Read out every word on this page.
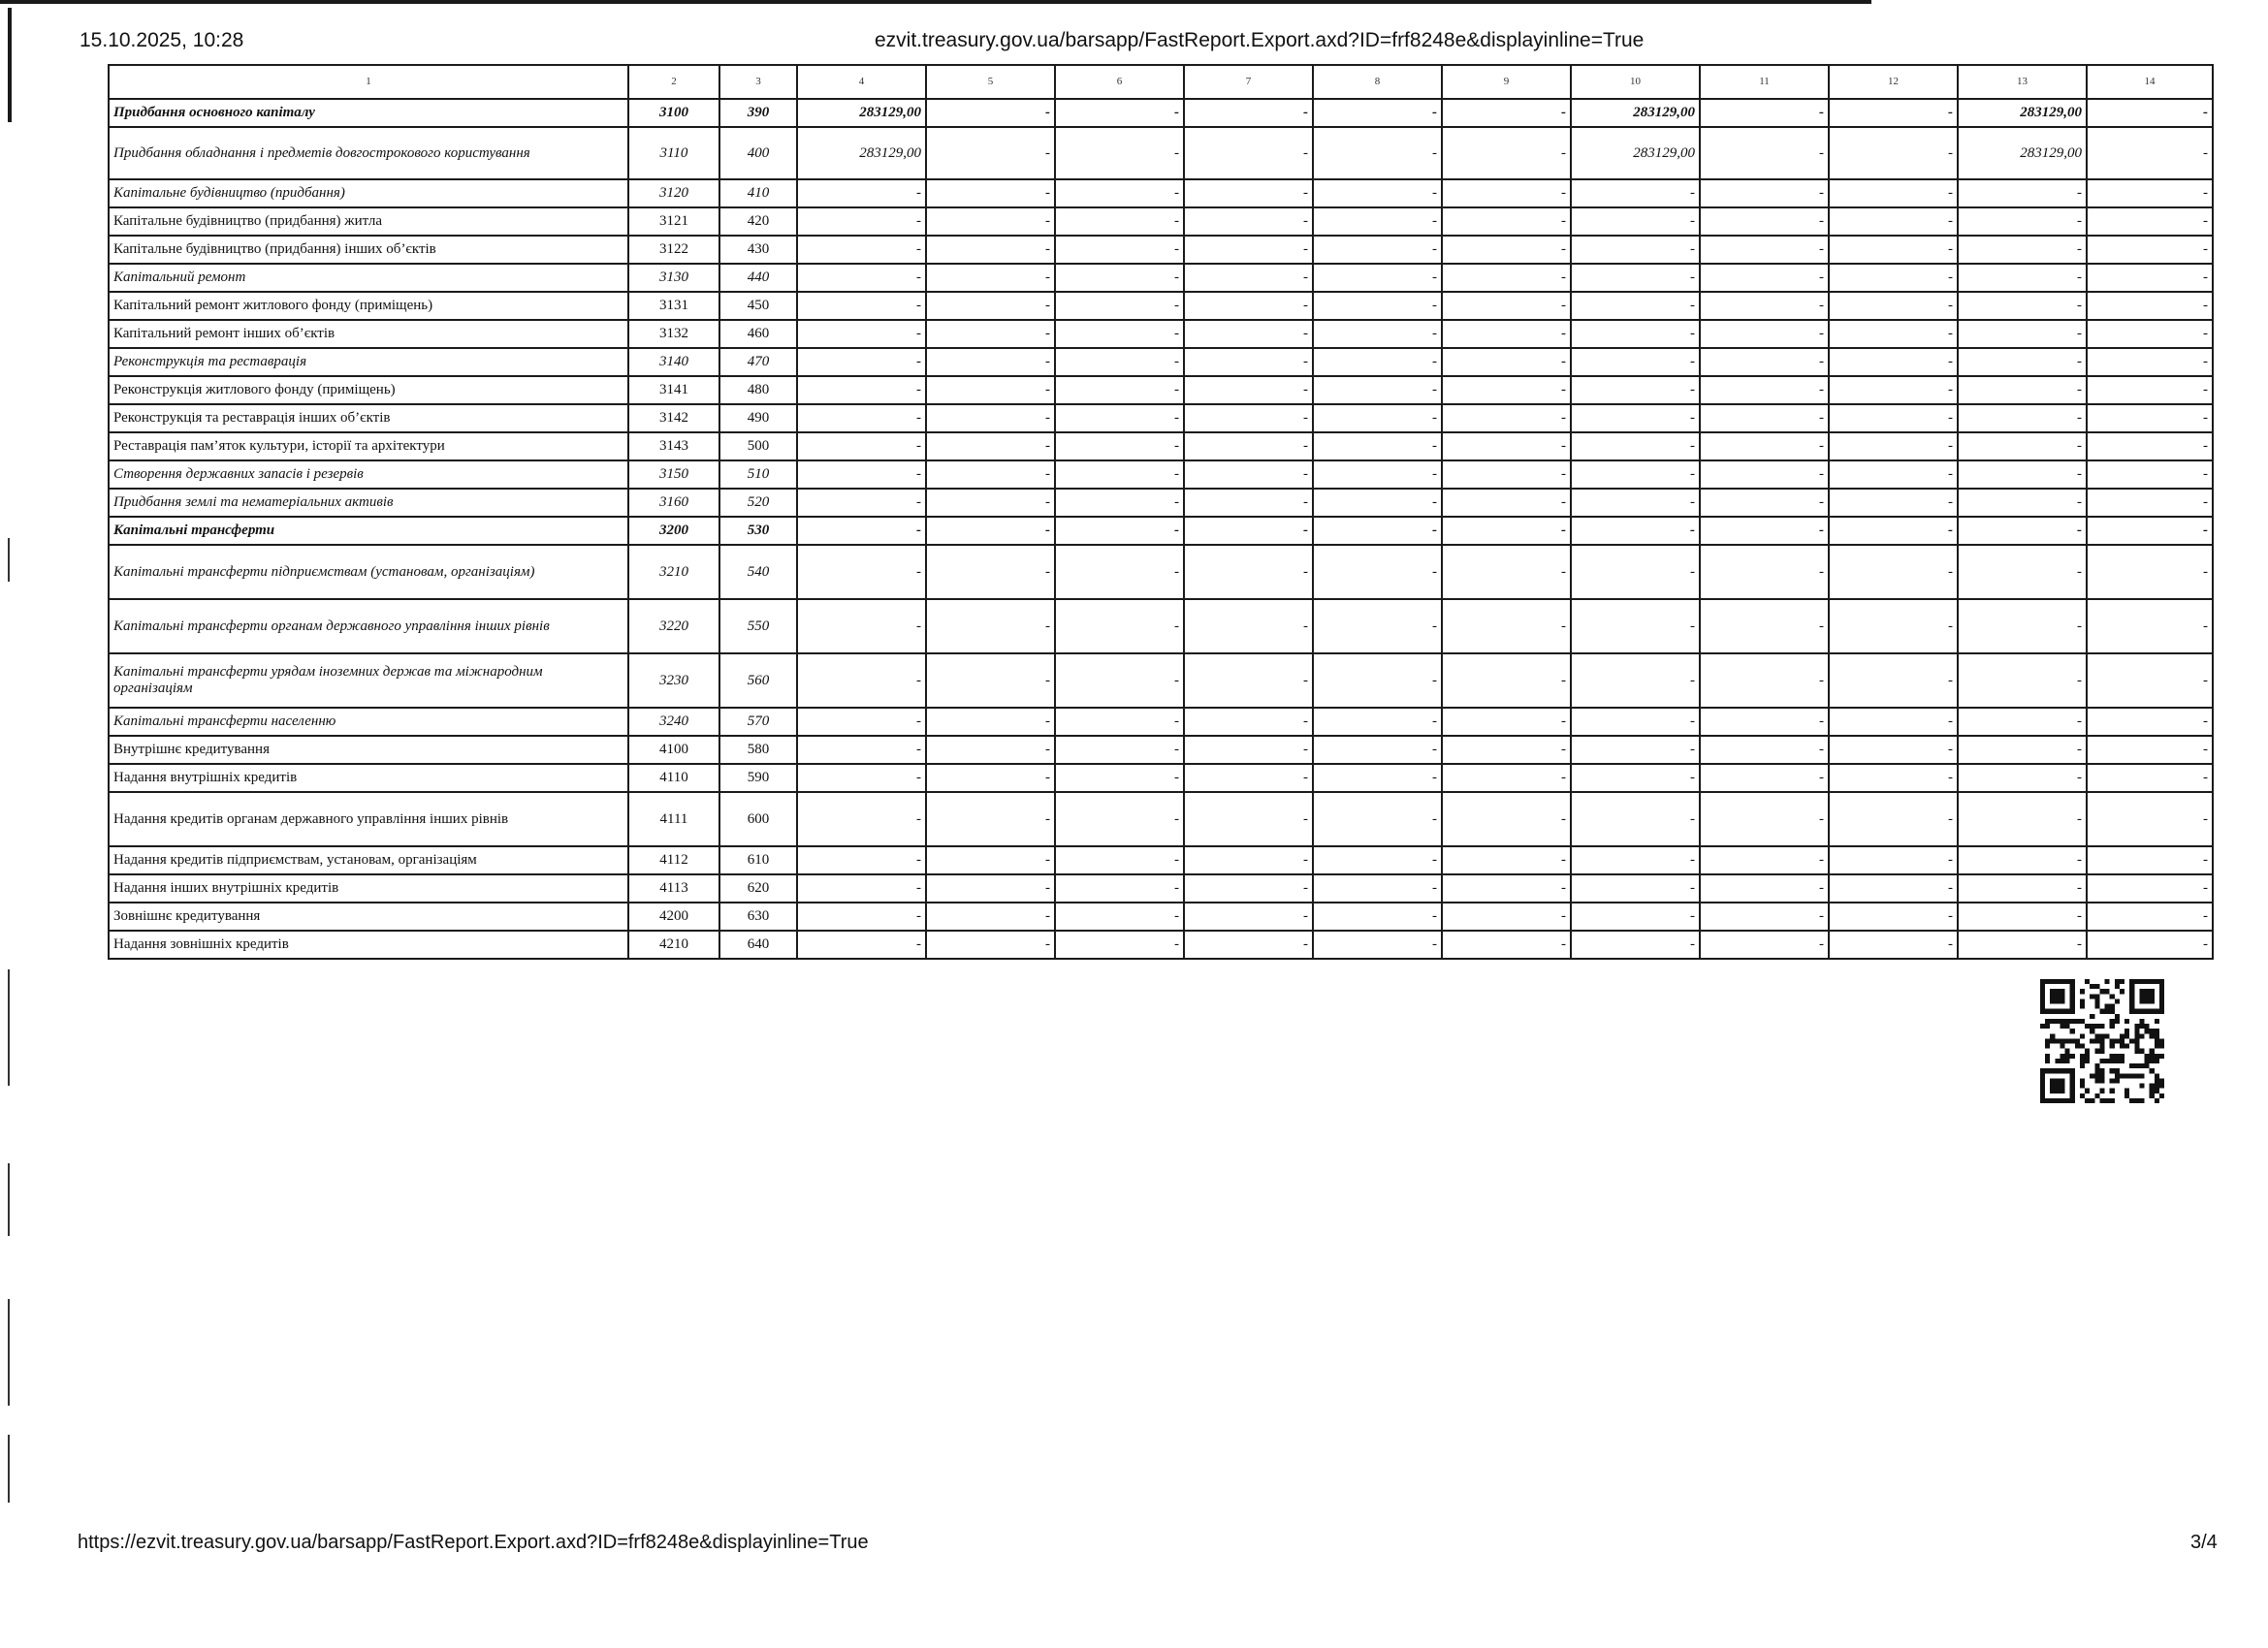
15.10.2025, 10:28	ezvit.treasury.gov.ua/barsapp/FastReport.Export.axd?ID=frf8248e&displayinline=True
1	2	3	4	5	6	7	8	9	10	11	12	13	14
Придбання основного капіталу	3100	390	283129,00	-	-	-	-	-	283129,00	-	-	283129,00	-
Придбання обладнання і предметів довгострокового користування	3110	400	283129,00	-	-	-	-	-	283129,00	-	-	283129,00	-
Капітальне будівництво (придбання)	3120	410	-	-	-	-	-	-	-	-	-	-	-
Капітальне будівництво (придбання) житла	3121	420	-	-	-	-	-	-	-	-	-	-	-
Капітальне будівництво (придбання) інших об’єктів	3122	430	-	-	-	-	-	-	-	-	-	-	-
Капітальний ремонт	3130	440	-	-	-	-	-	-	-	-	-	-	-
Капітальний ремонт житлового фонду (приміщень)	3131	450	-	-	-	-	-	-	-	-	-	-	-
Капітальний ремонт інших об’єктів	3132	460	-	-	-	-	-	-	-	-	-	-	-
Реконструкція та реставрація	3140	470	-	-	-	-	-	-	-	-	-	-	-
Реконструкція житлового фонду (приміщень)	3141	480	-	-	-	-	-	-	-	-	-	-	-
Реконструкція та реставрація інших об’єктів	3142	490	-	-	-	-	-	-	-	-	-	-	-
Реставрація пам’яток культури, історії та архітектури	3143	500	-	-	-	-	-	-	-	-	-	-	-
Створення державних запасів і резервів	3150	510	-	-	-	-	-	-	-	-	-	-	-
Придбання землі та нематеріальних активів	3160	520	-	-	-	-	-	-	-	-	-	-	-
Капітальні трансферти	3200	530	-	-	-	-	-	-	-	-	-	-	-
Капітальні трансферти підприємствам (установам, організаціям)	3210	540	-	-	-	-	-	-	-	-	-	-	-
Капітальні трансферти органам державного управління інших рівнів	3220	550	-	-	-	-	-	-	-	-	-	-	-
Капітальні трансферти урядам іноземних держав та міжнародним організаціям	3230	560	-	-	-	-	-	-	-	-	-	-	-
Капітальні трансферти населенню	3240	570	-	-	-	-	-	-	-	-	-	-	-
Внутрішнє кредитування	4100	580	-	-	-	-	-	-	-	-	-	-	-
Надання внутрішніх кредитів	4110	590	-	-	-	-	-	-	-	-	-	-	-
Надання кредитів органам державного управління інших рівнів	4111	600	-	-	-	-	-	-	-	-	-	-	-
Надання кредитів підприємствам, установам, організаціям	4112	610	-	-	-	-	-	-	-	-	-	-	-
Надання інших внутрішніх кредитів	4113	620	-	-	-	-	-	-	-	-	-	-	-
Зовнішнє кредитування	4200	630	-	-	-	-	-	-	-	-	-	-	-
Надання зовнішніх кредитів	4210	640	-	-	-	-	-	-	-	-	-	-	-
https://ezvit.treasury.gov.ua/barsapp/FastReport.Export.axd?ID=frf8248e&displayinline=True	3/4
